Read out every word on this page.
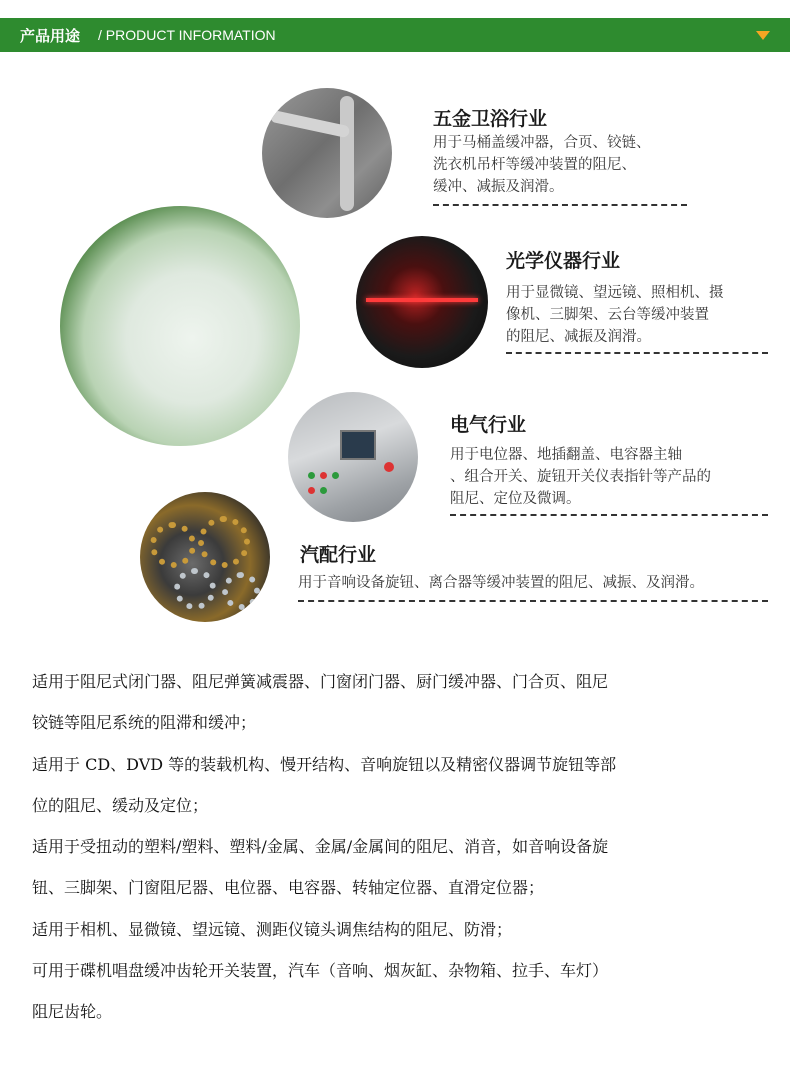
产品用途 / PRODUCT INFORMATION
五金卫浴行业
用于马桶盖缓冲器，合页、铰链、
洗衣机吊杆等缓冲装置的阻尼、
缓冲、减振及润滑。
光学仪器行业
用于显微镜、望远镜、照相机、摄
像机、三脚架、云台等缓冲装置
的阻尼、减振及润滑。
电气行业
用于电位器、地插翻盖、电容器主轴
、组合开关、旋钮开关仪表指针等产品的
阻尼、定位及微调。
汽配行业
用于音响设备旋钮、离合器等缓冲装置的阻尼、减振、及润滑。
适用于阻尼式闭门器、阻尼弹簧减震器、门窗闭门器、厨门缓冲器、门合页、阻尼
铰链等阻尼系统的阻滞和缓冲；
适用于 CD、DVD 等的装载机构、慢开结构、音响旋钮以及精密仪器调节旋钮等部
位的阻尼、缓动及定位；
适用于受扭动的塑料/塑料、塑料/金属、金属/金属间的阻尼、消音，如音响设备旋
钮、三脚架、门窗阻尼器、电位器、电容器、转轴定位器、直滑定位器；
适用于相机、显微镜、望远镜、测距仪镜头调焦结构的阻尼、防滑；
可用于碟机唱盘缓冲齿轮开关装置，汽车（音响、烟灰缸、杂物箱、拉手、车灯）
阻尼齿轮。
